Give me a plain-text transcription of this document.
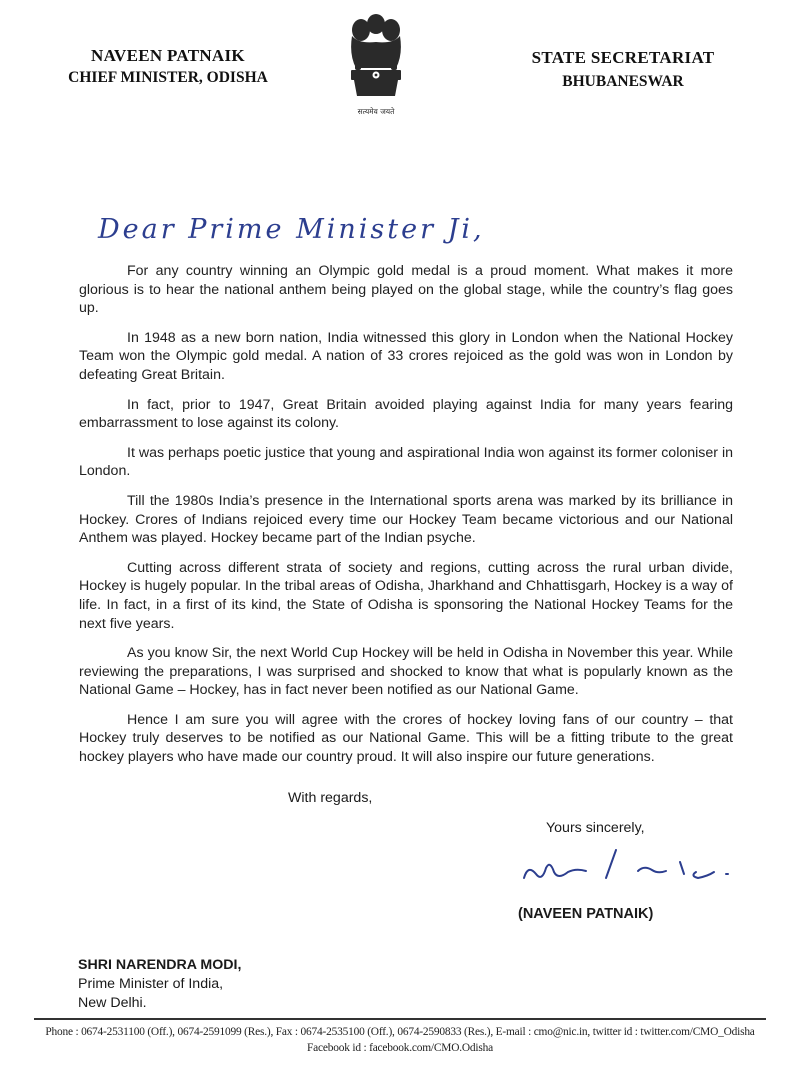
NAVEEN PATNAIK
CHIEF MINISTER, ODISHA
सत्यमेव जयते
STATE SECRETARIAT
BHUBANESWAR
Dear Prime Minister Ji,

For any country winning an Olympic gold medal is a proud moment. What makes it more glorious is to hear the national anthem being played on the global stage, while the country’s flag goes up.

In 1948 as a new born nation, India witnessed this glory in London when the National Hockey Team won the Olympic gold medal. A nation of 33 crores rejoiced as the gold was won in London by defeating Great Britain.

In fact, prior to 1947, Great Britain avoided playing against India for many years fearing embarrassment to lose against its colony.

It was perhaps poetic justice that young and aspirational India won against its former coloniser in London.

Till the 1980s India’s presence in the International sports arena was marked by its brilliance in Hockey. Crores of Indians rejoiced every time our Hockey Team became victorious and our National Anthem was played. Hockey became part of the Indian psyche.

Cutting across different strata of society and regions, cutting across the rural urban divide, Hockey is hugely popular. In the tribal areas of Odisha, Jharkhand and Chhattisgarh, Hockey is a way of life. In fact, in a first of its kind, the State of Odisha is sponsoring the National Hockey Teams for the next five years.

As you know Sir, the next World Cup Hockey will be held in Odisha in November this year. While reviewing the preparations, I was surprised and shocked to know that what is popularly known as the National Game – Hockey, has in fact never been notified as our National Game.

Hence I am sure you will agree with the crores of hockey loving fans of our country – that Hockey truly deserves to be notified as our National Game. This will be a fitting tribute to the great hockey players who have made our country proud. It will also inspire our future generations.

With regards,
Yours sincerely,
(NAVEEN PATNAIK)
SHRI NARENDRA MODI,
Prime Minister of India,
New Delhi.
Phone : 0674-2531100 (Off.), 0674-2591099 (Res.), Fax : 0674-2535100 (Off.), 0674-2590833 (Res.), E-mail : cmo@nic.in, twitter id : twitter.com/CMO_Odisha
Facebook id : facebook.com/CMO.Odisha
